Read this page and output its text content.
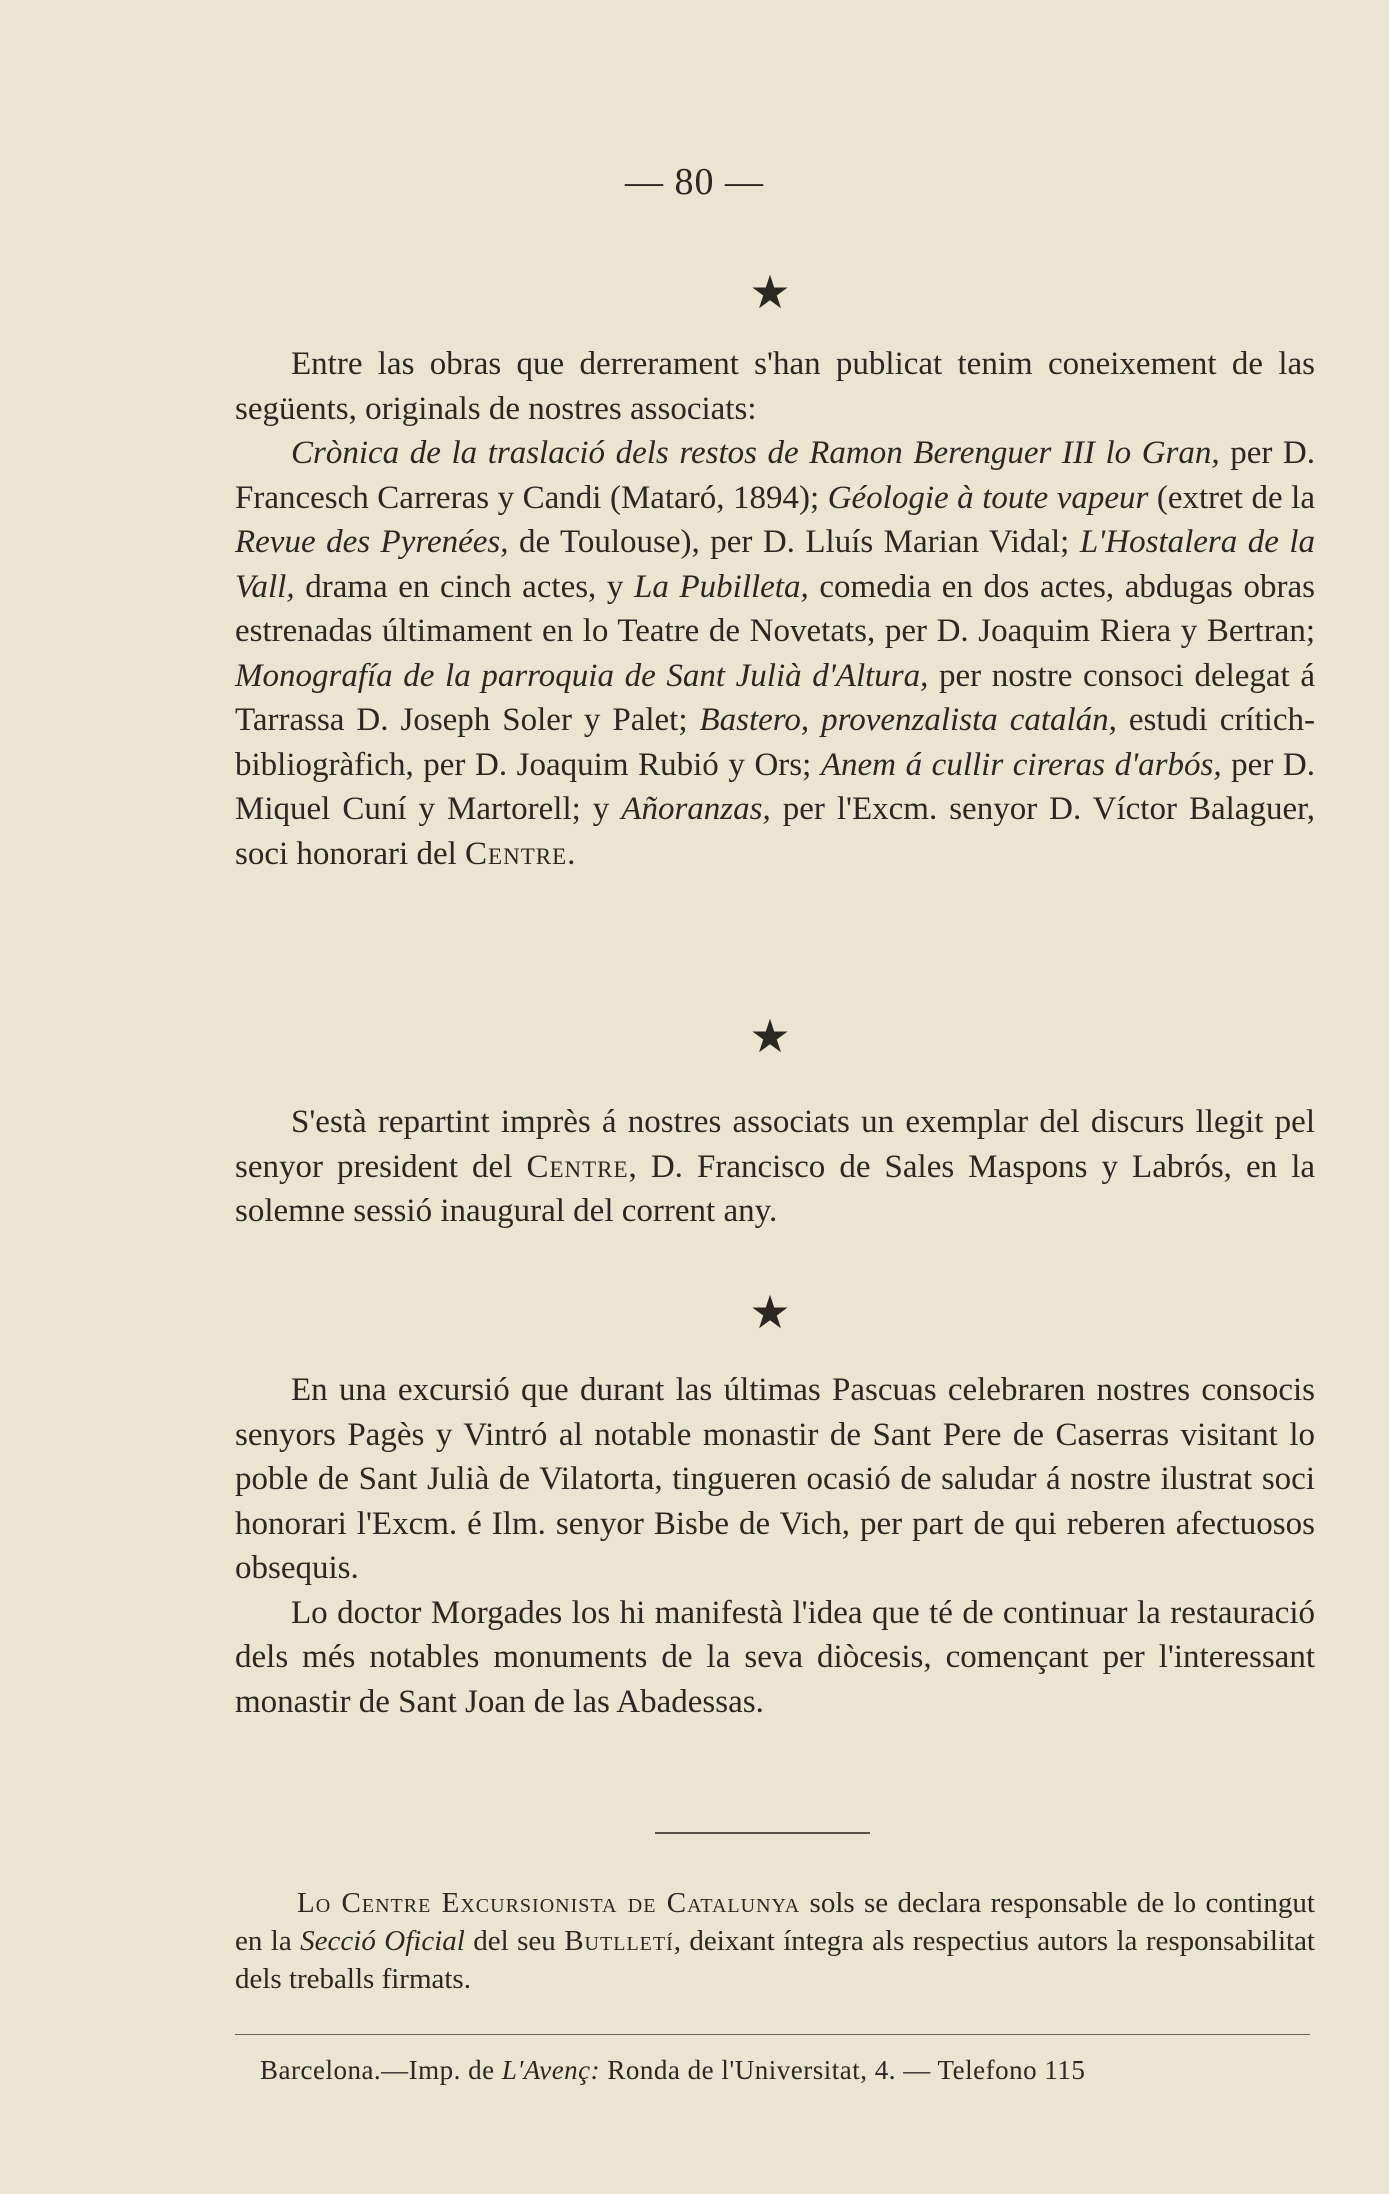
— 80 —
★

Entre las obras que derrerament s'han publicat tenim coneixement de las següents, originals de nostres associats:

Crònica de la traslació dels restos de Ramon Berenguer III lo Gran, per D. Francesch Carreras y Candi (Mataró, 1894); Géologie à toute vapeur (extret de la Revue des Pyrenées, de Toulouse), per D. Lluís Marian Vidal; L'Hostalera de la Vall, drama en cinch actes, y La Pubilleta, comedia en dos actes, abdugas obras estrenadas últimament en lo Teatre de Novetats, per D. Joaquim Riera y Bertran; Monografía de la parroquia de Sant Julià d'Altura, per nostre consoci delegat á Tarrassa D. Joseph Soler y Palet; Bastero, provenzalista catalán, estudi crítich-bibliogràfich, per D. Joaquim Rubió y Ors; Anem á cullir cireras d'arbós, per D. Miquel Cuní y Martorell; y Añoranzas, per l'Excm. senyor D. Víctor Balaguer, soci honorari del Centre.

★

S'està repartint imprès á nostres associats un exemplar del discurs llegit pel senyor president del Centre, D. Francisco de Sales Maspons y Labrós, en la solemne sessió inaugural del corrent any.

★

En una excursió que durant las últimas Pascuas celebraren nostres consocis senyors Pagès y Vintró al notable monastir de Sant Pere de Caserras visitant lo poble de Sant Julià de Vilatorta, tingueren ocasió de saludar á nostre ilustrat soci honorari l'Excm. é Ilm. senyor Bisbe de Vich, per part de qui reberen afectuosos obsequis.

Lo doctor Morgades los hi manifestà l'idea que té de continuar la restauració dels més notables monuments de la seva diòcesis, començant per l'interessant monastir de Sant Joan de las Abadessas.

Lo Centre Excursionista de Catalunya sols se declara responsable de lo contingut en la Secció Oficial del seu Butlletí, deixant íntegra als respectius autors la responsabilitat dels treballs firmats.

Barcelona.—Imp. de L'Avenç: Ronda de l'Universitat, 4. — Telefono 115
